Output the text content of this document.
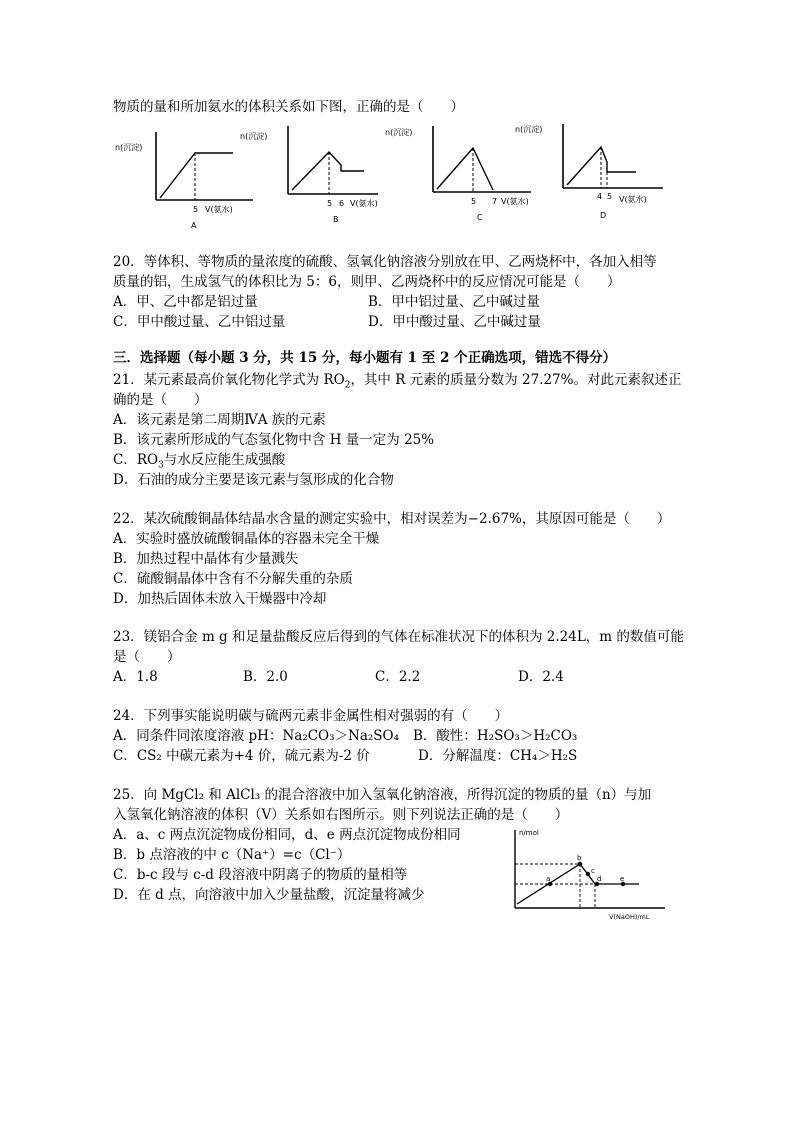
物质的量和所加氨水的体积关系如下图，正确的是（　　）
n(沉淀)
5 V(氨水)
A
n(沉淀)
5 6 V(氨水)
B
n(沉淀)
5 7 V(氨水)
C
n(沉淀)
4 5 V(氨水)
D
20．等体积、等物质的量浓度的硫酸、氢氧化钠溶液分别放在甲、乙两烧杯中，各加入相等
质量的铝，生成氢气的体积比为 5：6，则甲、乙两烧杯中的反应情况可能是（　　）
A．甲、乙中都是铝过量	B．甲中铝过量、乙中碱过量
C．甲中酸过量、乙中铝过量	D．甲中酸过量、乙中碱过量
三．选择题（每小题 3 分，共 15 分，每小题有 1 至 2 个正确选项，错选不得分）
21．某元素最高价氧化物化学式为 $RO_2$，其中 R 元素的质量分数为 27.27%。对此元素叙述正
确的是（　　）
A．该元素是第二周期ⅣA 族的元素
B．该元素所形成的气态氢化物中含 H 量一定为 25%
C．$RO_3$与水反应能生成强酸
D．石油的成分主要是该元素与氢形成的化合物
22．某次硫酸铜晶体结晶水含量的测定实验中，相对误差为−2.67%，其原因可能是（　　）
A．实验时盛放硫酸铜晶体的容器未完全干燥
B．加热过程中晶体有少量溅失
C．硫酸铜晶体中含有不分解失重的杂质
D．加热后固体未放入干燥器中冷却
23．镁铝合金 m g 和足量盐酸反应后得到的气体在标准状况下的体积为 2.24L，m 的数值可能
是（　　）
A．1.8	B．2.0	C．2.2	D．2.4
24．下列事实能说明碳与硫两元素非金属性相对强弱的有（　　）
A．同条件同浓度溶液 pH：Na₂CO₃＞Na₂SO₄ B．酸性：H₂SO₃＞H₂CO₃
C．CS₂ 中碳元素为+4 价，硫元素为-2 价	D．分解温度：CH₄＞H₂S
25．向 MgCl₂ 和 AlCl₃ 的混合溶液中加入氢氧化钠溶液，所得沉淀的物质的量（n）与加
入氢氧化钠溶液的体积（V）关系如右图所示。则下列说法正确的是（　　）
A．a、c 两点沉淀物成份相同，d、e 两点沉淀物成份相同
B．b 点溶液的中 c（Na⁺）=c（Cl⁻）
C．b-c 段与 c-d 段溶液中阴离子的物质的量相等
D．在 d 点，向溶液中加入少量盐酸，沉淀量将减少
n/mol
a
b
c
d	e
V(NaOH)/mL
